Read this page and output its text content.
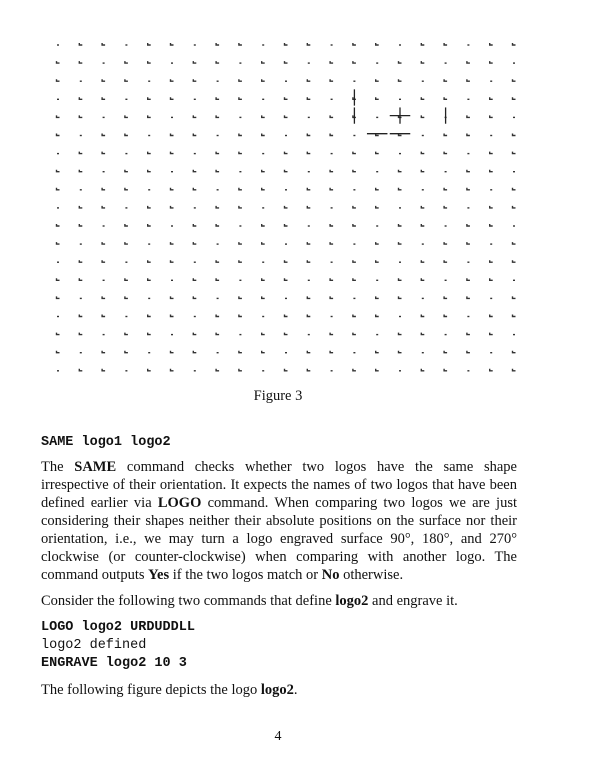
Figure 3

SAME logo1 logo2

The SAME command checks whether two logos have the same shape irrespective of their orientation. It expects the names of two logos that have been defined earlier via LOGO command. When comparing two logos we are just considering their shapes neither their absolute positions on the surface nor their orientation, i.e., we may turn a logo engraved surface 90°, 180°, and 270° clockwise (or counter-clockwise) when comparing with another logo. The command outputs Yes if the two logos match or No otherwise.

Consider the following two commands that define logo2 and engrave it.

LOGO logo2 URDUDDLL

logo2 defined

ENGRAVE logo2 10 3

The following figure depicts the logo logo2.

4
